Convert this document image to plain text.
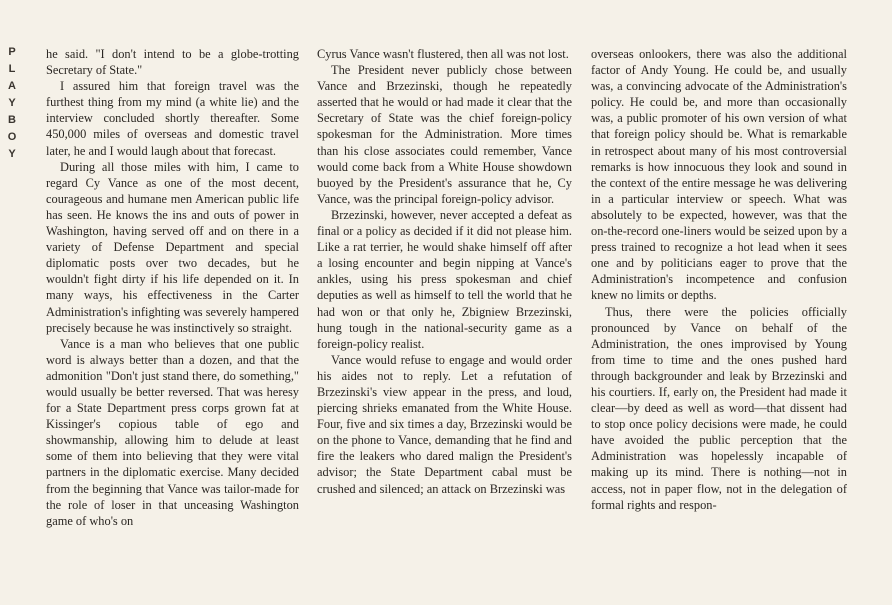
P
L
A
Y
B
O
Y

he said. "I don't intend to be a globe-trotting Secretary of State."

I assured him that foreign travel was the furthest thing from my mind (a white lie) and the interview concluded shortly thereafter. Some 450,000 miles of overseas and domestic travel later, he and I would laugh about that forecast.

During all those miles with him, I came to regard Cy Vance as one of the most decent, courageous and humane men American public life has seen. He knows the ins and outs of power in Washington, having served off and on there in a variety of Defense Department and special diplomatic posts over two decades, but he wouldn't fight dirty if his life depended on it. In many ways, his effectiveness in the Carter Administration's infighting was severely hampered precisely because he was instinctively so straight.

Vance is a man who believes that one public word is always better than a dozen, and that the admonition "Don't just stand there, do something," would usually be better reversed. That was heresy for a State Department press corps grown fat at Kissinger's copious table of ego and showmanship, allowing him to delude at least some of them into believing that they were vital partners in the diplomatic exercise. Many decided from the beginning that Vance was tailor-made for the role of loser in that unceasing Washington game of who's on

Cyrus Vance wasn't flustered, then all was not lost.

The President never publicly chose between Vance and Brzezinski, though he repeatedly asserted that he would or had made it clear that the Secretary of State was the chief foreign-policy spokesman for the Administration. More times than his close associates could remember, Vance would come back from a White House showdown buoyed by the President's assurance that he, Cy Vance, was the principal foreign-policy advisor.

Brzezinski, however, never accepted a defeat as final or a policy as decided if it did not please him. Like a rat terrier, he would shake himself off after a losing encounter and begin nipping at Vance's ankles, using his press spokesman and chief deputies as well as himself to tell the world that he had won or that only he, Zbigniew Brzezinski, hung tough in the national-security game as a foreign-policy realist.

Vance would refuse to engage and would order his aides not to reply. Let a refutation of Brzezinski's view appear in the press, and loud, piercing shrieks emanated from the White House. Four, five and six times a day, Brzezinski would be on the phone to Vance, demanding that he find and fire the leakers who dared malign the President's advisor; the State Department cabal must be crushed and silenced; an attack on Brzezinski was

overseas onlookers, there was also the additional factor of Andy Young. He could be, and usually was, a convincing advocate of the Administration's policy. He could be, and more than occasionally was, a public promoter of his own version of what that foreign policy should be. What is remarkable in retrospect about many of his most controversial remarks is how innocuous they look and sound in the context of the entire message he was delivering in a particular interview or speech. What was absolutely to be expected, however, was that the on-the-record one-liners would be seized upon by a press trained to recognize a hot lead when it sees one and by politicians eager to prove that the Administration's incompetence and confusion knew no limits or depths.

Thus, there were the policies officially pronounced by Vance on behalf of the Administration, the ones improvised by Young from time to time and the ones pushed hard through backgrounder and leak by Brzezinski and his courtiers. If, early on, the President had made it clear—by deed as well as word—that dissent had to stop once policy decisions were made, he could have avoided the public perception that the Administration was hopelessly incapable of making up its mind. There is nothing—not in access, not in paper flow, not in the delegation of formal rights and respon-
